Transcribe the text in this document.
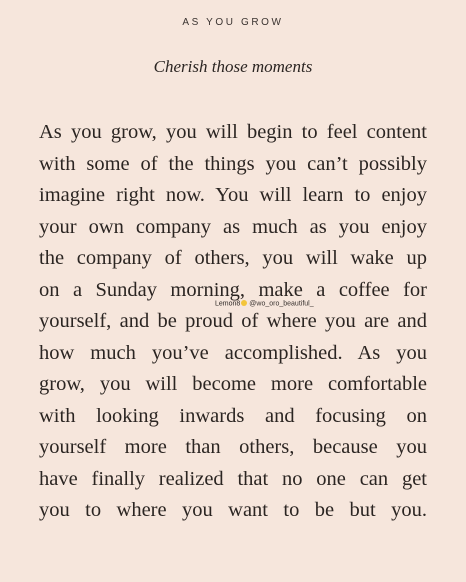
AS YOU GROW
Cherish those moments
As you grow, you will begin to feel content
with some of the things you can’t possibly
imagine right now. You will learn to enjoy
your own company as much as you enjoy
the company of others, you will wake up
on a Sunday morning, make a coffee for
yourself, and be proud of where you are and
how much you’ve accomplished. As you
grow, you will become more comfortable
with looking inwards and focusing on
yourself more than others, because you
have finally realized that no one can get
you to where you want to be but you.
Lemon8 @wo_oro_beautiful_
